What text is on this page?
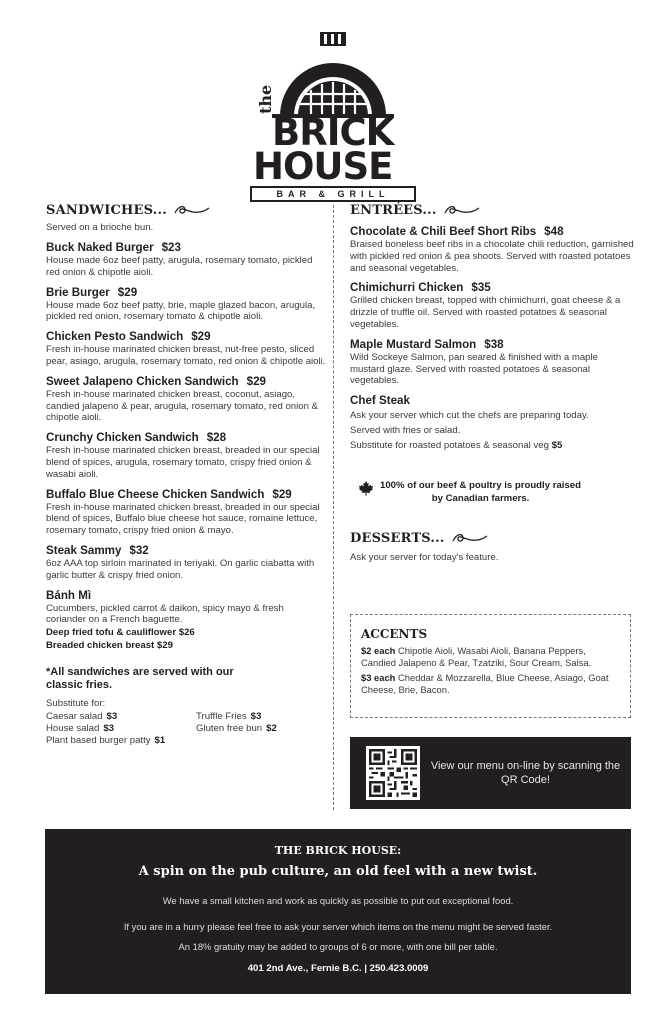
the
BRICK
HOUSE
BAR & GRILL
SANDWICHES...
Served on a brioche bun.
Buck Naked Burger $23
House made 6oz beef patty, arugula, rosemary tomato, pickled red onion & chipotle aioli.
Brie Burger $29
House made 6oz beef patty, brie, maple glazed bacon, arugula, pickled red onion, rosemary tomato & chipotle aioli.
Chicken Pesto Sandwich $29
Fresh in-house marinated chicken breast, nut-free pesto, sliced pear, asiago, arugula, rosemary tomato, red onion & chipotle aioli.
Sweet Jalapeno Chicken Sandwich $29
Fresh in-house marinated chicken breast, coconut, asiago, candied jalapeno & pear, arugula, rosemary tomato, red onion & chipotle aioli.
Crunchy Chicken Sandwich $28
Fresh in-house marinated chicken breast, breaded in our special blend of spices, arugula, rosemary tomato, crispy fried onion & wasabi aioli.
Buffalo Blue Cheese Chicken Sandwich $29
Fresh in-house marinated chicken breast, breaded in our special blend of spices, Buffalo blue cheese hot sauce, romaine lettuce, rosemary tomato, crispy fried onion & mayo.
Steak Sammy $32
6oz AAA top sirloin marinated in teriyaki. On garlic ciabatta with garlic butter & crispy fried onion.
Bánh Mì
Cucumbers, pickled carrot & daikon, spicy mayo & fresh coriander on a French baguette.
Deep fried tofu & cauliflower $26
Breaded chicken breast $29
*All sandwiches are served with our classic fries.
Substitute for:
Caesar salad $3	Truffle Fries $3
House salad $3	Gluten free bun $2
Plant based burger patty $1
ENTRÉES...
Chocolate & Chili Beef Short Ribs $48
Braised boneless beef ribs in a chocolate chili reduction, garnished with pickled red onion & pea shoots. Served with roasted potatoes and seasonal vegetables.
Chimichurri Chicken $35
Grilled chicken breast, topped with chimichurri, goat cheese & a drizzle of truffle oil. Served with roasted potatoes & seasonal vegetables.
Maple Mustard Salmon $38
Wild Sockeye Salmon, pan seared & finished with a maple mustard glaze. Served with roasted potatoes & seasonal vegetables.
Chef Steak
Ask your server which cut the chefs are preparing today.
Served with fries or salad.
Substitute for roasted potatoes & seasonal veg $5
100% of our beef & poultry is proudly raised
by Canadian farmers.
DESSERTS...
Ask your server for today's feature.
ACCENTS
$2 each Chipotle Aioli, Wasabi Aioli, Banana Peppers, Candied Jalapeno & Pear, Tzatziki, Sour Cream, Salsa.
$3 each Cheddar & Mozzarella, Blue Cheese, Asiago, Goat Cheese, Brie, Bacon.
View our menu on-line by scanning the QR Code!
THE BRICK HOUSE:
A spin on the pub culture, an old feel with a new twist.
We have a small kitchen and work as quickly as possible to put out exceptional food.
If you are in a hurry please feel free to ask your server which items on the menu might be served faster.
An 18% gratuity may be added to groups of 6 or more, with one bill per table.
401 2nd Ave., Fernie B.C. | 250.423.0009
